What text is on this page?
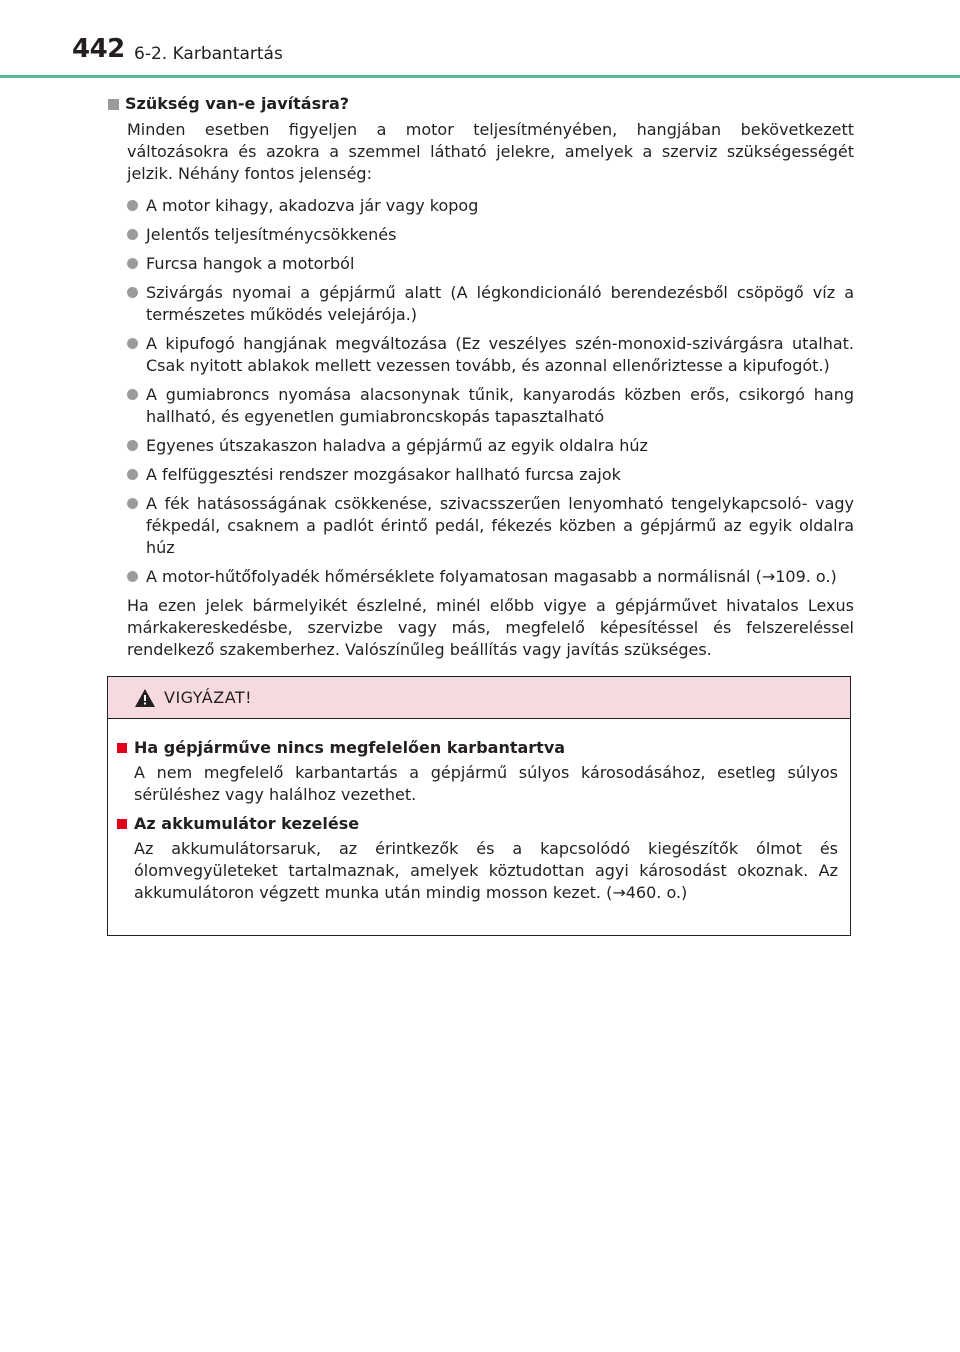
442 6-2. Karbantartás
Szükség van-e javításra?

Minden esetben figyeljen a motor teljesítményében, hangjában bekövetkezett változásokra és azokra a szemmel látható jelekre, amelyek a szerviz szükségességét jelzik. Néhány fontos jelenség:

A motor kihagy, akadozva jár vagy kopog
Jelentős teljesítménycsökkenés
Furcsa hangok a motorból
Szivárgás nyomai a gépjármű alatt (A légkondicionáló berendezésből csöpögő víz a természetes működés velejárója.)
A kipufogó hangjának megváltozása (Ez veszélyes szén-monoxid-szivárgásra utalhat. Csak nyitott ablakok mellett vezessen tovább, és azonnal ellenőriztesse a kipufogót.)
A gumiabroncs nyomása alacsonynak tűnik, kanyarodás közben erős, csikorgó hang hallható, és egyenetlen gumiabroncskopás tapasztalható
Egyenes útszakaszon haladva a gépjármű az egyik oldalra húz
A felfüggesztési rendszer mozgásakor hallható furcsa zajok
A fék hatásosságának csökkenése, szivacsszerűen lenyomható tengelykapcsoló- vagy fékpedál, csaknem a padlót érintő pedál, fékezés közben a gépjármű az egyik oldalra húz
A motor-hűtőfolyadék hőmérséklete folyamatosan magasabb a normálisnál (→109. o.)

Ha ezen jelek bármelyikét észlelné, minél előbb vigye a gépjárművet hivatalos Lexus márkakereskedésbe, szervizbe vagy más, megfelelő képesítéssel és felszereléssel rendelkező szakemberhez. Valószínűleg beállítás vagy javítás szükséges.

VIGYÁZAT!
Ha gépjárműve nincs megfelelően karbantartva

A nem megfelelő karbantartás a gépjármű súlyos károsodásához, esetleg súlyos sérüléshez vagy halálhoz vezethet.

Az akkumulátor kezelése

Az akkumulátorsaruk, az érintkezők és a kapcsolódó kiegészítők ólmot és ólomvegyületeket tartalmaznak, amelyek köztudottan agyi károsodást okoznak. Az akkumulátoron végzett munka után mindig mosson kezet. (→460. o.)
